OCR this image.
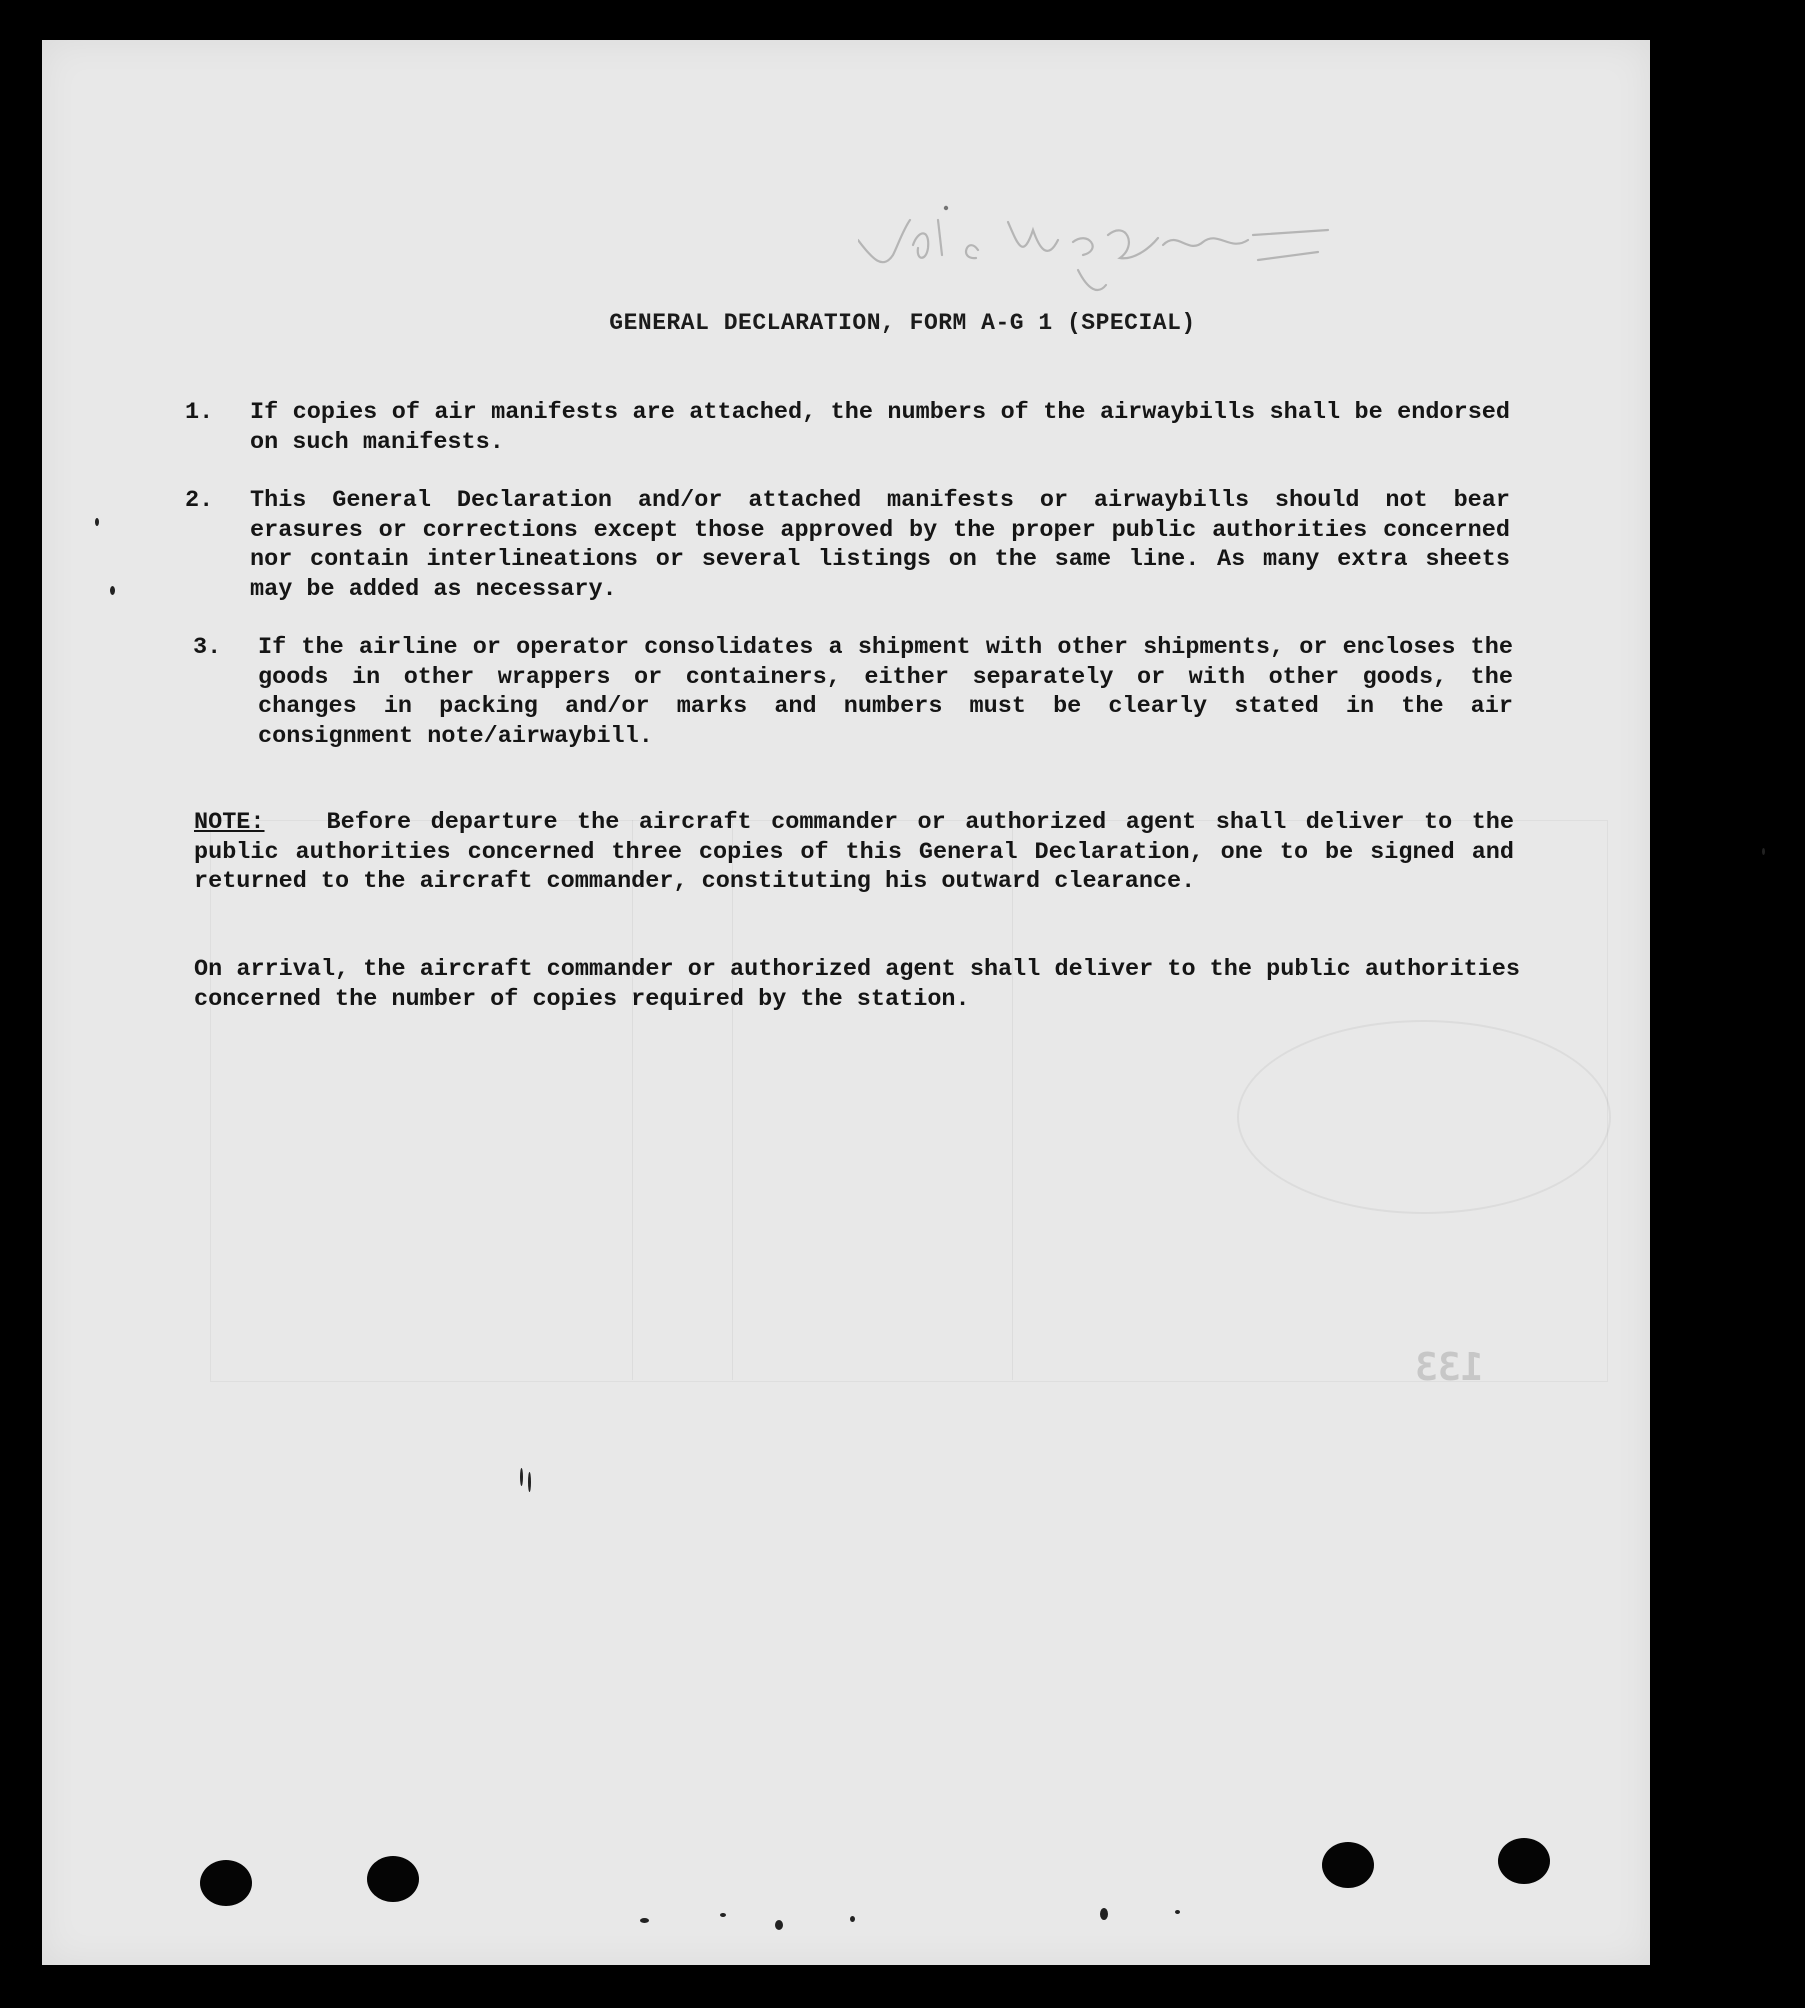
Vail o Vorry
GENERAL DECLARATION, FORM A-G 1 (SPECIAL)
1.	If copies of air manifests are attached, the numbers of the airwaybills shall be endorsed on such manifests.
2.	This General Declaration and/or attached manifests or airwaybills should not bear erasures or corrections except those approved by the proper public authorities concerned nor contain interlineations or several listings on the same line. As many extra sheets may be added as necessary.
3.	If the airline or operator consolidates a shipment with other shipments, or encloses the goods in other wrappers or containers, either separately or with other goods, the changes in packing and/or marks and numbers must be clearly stated in the air consignment note/airwaybill.
NOTE:	Before departure the aircraft commander or authorized agent shall deliver to the public authorities concerned three copies of this General Declaration, one to be signed and returned to the aircraft commander, constituting his outward clearance.
On arrival, the aircraft commander or authorized agent shall deliver to the public authorities concerned the number of copies required by the station.
133
